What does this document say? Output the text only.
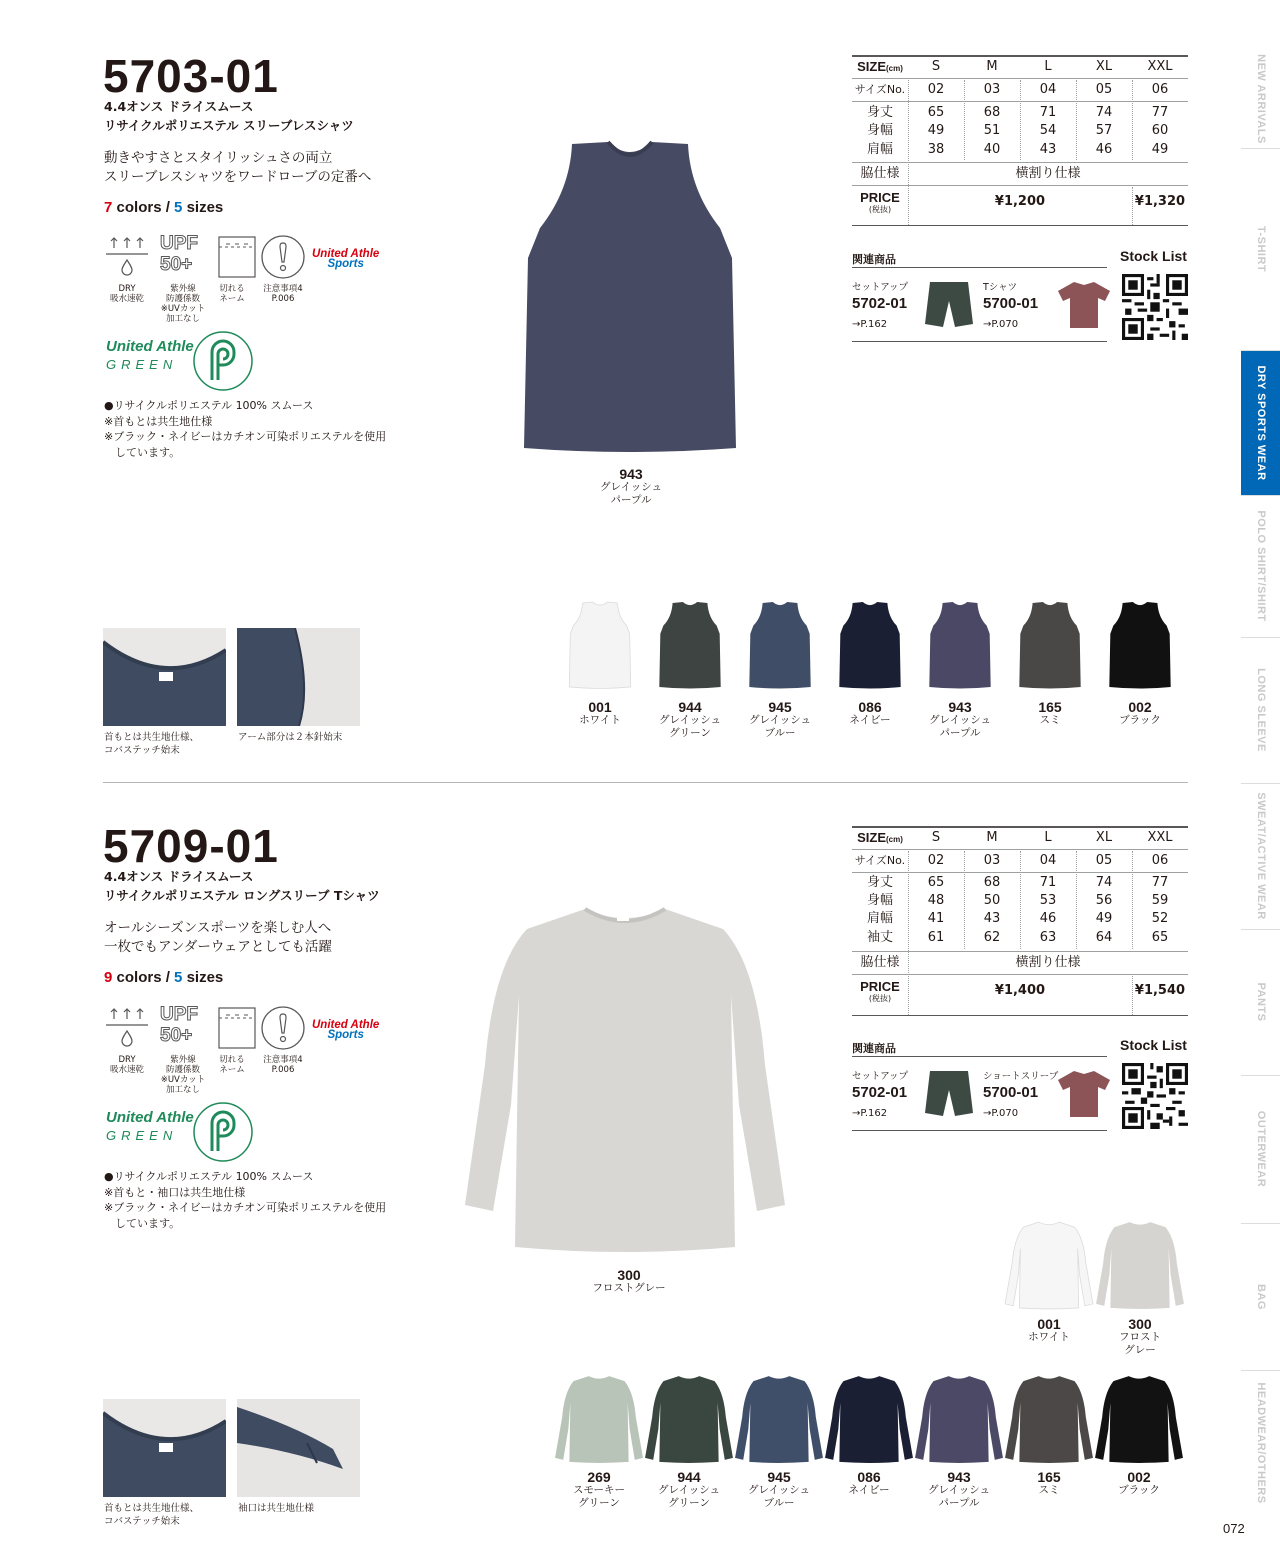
5703-01
4.4オンス ドライスムース
リサイクルポリエステル スリーブレスシャツ
動きやすさとスタイリッシュさの両立
スリーブレスシャツをワードローブの定番へ
7 colors / 5 sizes
UPF
50+
DRY
吸水速乾
紫外線
防護係数
※UVカット
加工なし
切れる
ネーム
注意事項4
P.006
United Athle
Sports
United Athle
GREEN
●リサイクルポリエステル 100% スムース
※首もとは共生地仕様
※ブラック・ネイビーはカチオン可染ポリエステルを使用
　しています。
943
グレイッシュ
パープル
SIZE(cm)	S	M	L	XL	XXL
サイズNo.	02	03	04	05	06
身丈	65	68	71	74	77
身幅	49	51	54	57	60
肩幅	38	40	43	46	49
脇仕様	横割り仕様
PRICE
(税抜)
¥1,200	¥1,320
関連商品	Stock List
セットアップ
5702-01
→P.162
Tシャツ
5700-01
→P.070
首もとは共生地仕様、
コバステッチ始末
アーム部分は２本針始末
001
ホワイト
944
グレイッシュ
グリーン
945
グレイッシュ
ブルー
086
ネイビー
943
グレイッシュ
パープル
165
スミ
002
ブラック
5709-01
4.4オンス ドライスムース
リサイクルポリエステル ロングスリーブ Tシャツ
オールシーズンスポーツを楽しむ人へ
一枚でもアンダーウェアとしても活躍
9 colors / 5 sizes
UPF
50+
DRY
吸水速乾
紫外線
防護係数
※UVカット
加工なし
切れる
ネーム
注意事項4
P.006
United Athle
Sports
United Athle
GREEN
●リサイクルポリエステル 100% スムース
※首もと・袖口は共生地仕様
※ブラック・ネイビーはカチオン可染ポリエステルを使用
　しています。
300
フロストグレー
SIZE(cm)	S	M	L	XL	XXL
サイズNo.	02	03	04	05	06
身丈	65	68	71	74	77
身幅	48	50	53	56	59
肩幅	41	43	46	49	52
袖丈	61	62	63	64	65
脇仕様	横割り仕様
PRICE
(税抜)
¥1,400	¥1,540
関連商品	Stock List
セットアップ
5702-01
→P.162
ショートスリーブ
5700-01
→P.070
首もとは共生地仕様、
コバステッチ始末
袖口は共生地仕様
001
ホワイト
300
フロスト
グレー
269
スモーキー
グリーン
944
グレイッシュ
グリーン
945
グレイッシュ
ブルー
086
ネイビー
943
グレイッシュ
パープル
165
スミ
002
ブラック
NEW ARRIVALS
T-SHIRT
DRY SPORTS WEAR
POLO SHIRT/SHIRT
LONG SLEEVE
SWEAT/ACTIVE WEAR
PANTS
OUTERWEAR
BAG
HEADWEAR/OTHERS
072
